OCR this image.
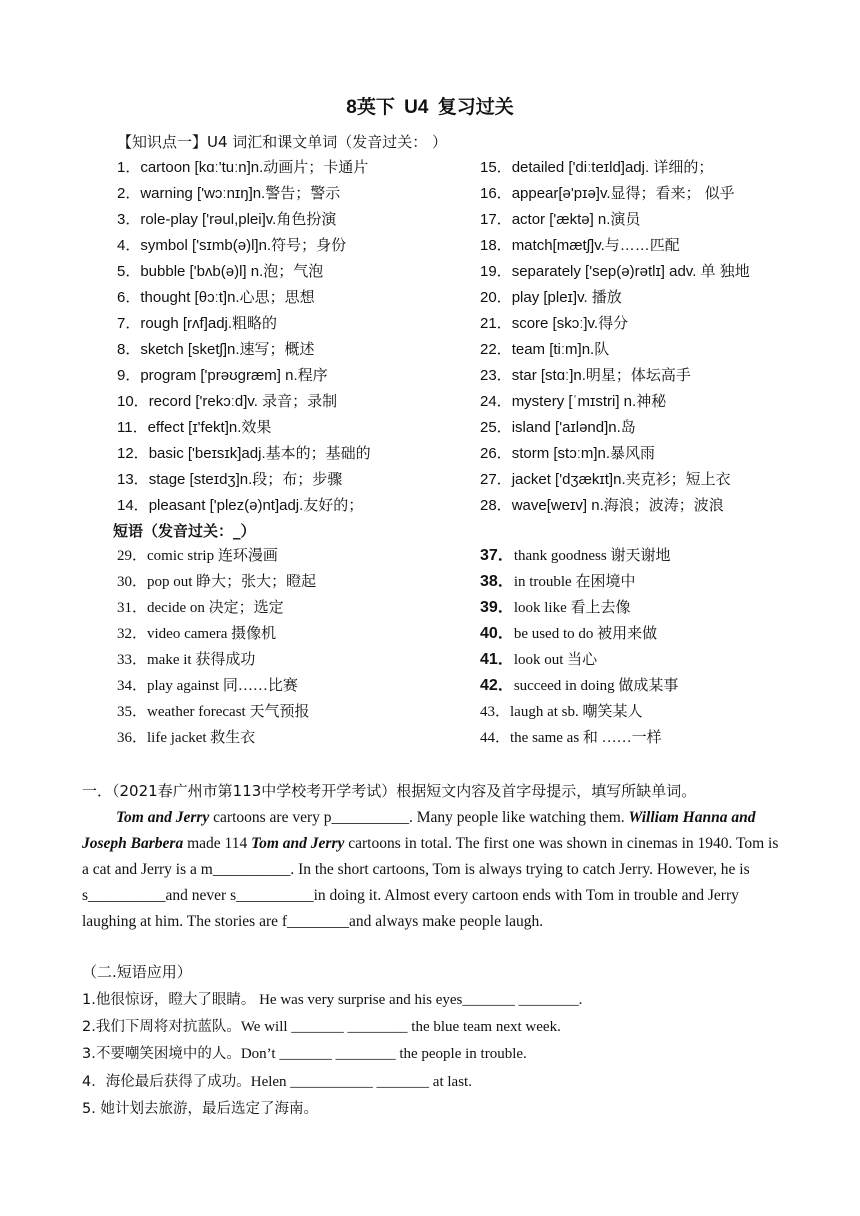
8英下 U4 复习过关
【知识点一】U4 词汇和课文单词（发音过关： ）
1．cartoon [kɑː'tuːn]n.动画片；卡通片
2．warning ['wɔːnɪŋ]n.警告；警示
3．role-play ['rəul,plei]v.角色扮演
4．symbol ['sɪmb(ə)l]n.符号；身份
5．bubble ['bʌb(ə)l] n.泡；气泡
6．thought [θɔːt]n.心思；思想
7．rough [rʌf]adj.粗略的
8．sketch [sketʃ]n.速写；概述
9．program ['prəʊɡræm] n.程序
10．record ['rekɔːd]v. 录音；录制
11．effect [ɪ'fekt]n.效果
12．basic ['beɪsɪk]adj.基本的；基础的
13．stage [steɪdʒ]n.段；布；步骤
14．pleasant ['plez(ə)nt]adj.友好的；
15．detailed ['diːteɪld]adj. 详细的；
16．appear[ə'pɪə]v.显得；看来； 似乎
17．actor ['æktə] n.演员
18．match[mætʃ]v.与……匹配
19．separately ['sep(ə)rətlɪ] adv. 单 独地
20．play [pleɪ]v. 播放
21．score [skɔː]v.得分
22．team [tiːm]n.队
23．star [stɑː]n.明星；体坛高手
24．mystery [ˈmɪstri] n.神秘
25．island ['aɪlənd]n.岛
26．storm [stɔːm]n.暴风雨
27．jacket ['dʒækɪt]n.夹克衫；短上衣
28．wave[weɪv] n.海浪；波涛；波浪
短语（发音过关：_）
29．comic strip 连环漫画
30．pop out 睁大；张大；瞪起
31．decide on 决定；选定
32．video camera 摄像机
33．make it 获得成功
34．play against 同……比赛
35．weather forecast 天气预报
36．life jacket 救生衣
37．thank goodness 谢天谢地
38．in trouble 在困境中
39．look like 看上去像
40．be used to do 被用来做
41．look out 当心
42．succeed in doing 做成某事
43．laugh at sb. 嘲笑某人
44．the same as 和 ……一样
一．（2021春广州市第113中学校考开学考试）根据短文内容及首字母提示，填写所缺单词。
Tom and Jerry cartoons are very p__________. Many people like watching them. William Hanna and Joseph Barbera made 114 Tom and Jerry cartoons in total. The first one was shown in cinemas in 1940. Tom is a cat and Jerry is a m__________. In the short cartoons, Tom is always trying to catch Jerry. However, he is s__________and never s__________in doing it. Almost every cartoon ends with Tom in trouble and Jerry laughing at him. The stories are f________and always make people laugh.
（二.短语应用）
1.他很惊讶，瞪大了眼睛。 He was very surprise and his eyes_______ ________.
2.我们下周将对抗蓝队。We will _______ ________ the blue team next week.
3.不要嘲笑困境中的人。Don’t _______ ________ the people in trouble.
4．海伦最后获得了成功。Helen ___________ _______ at last.
5. 她计划去旅游，最后选定了海南。
